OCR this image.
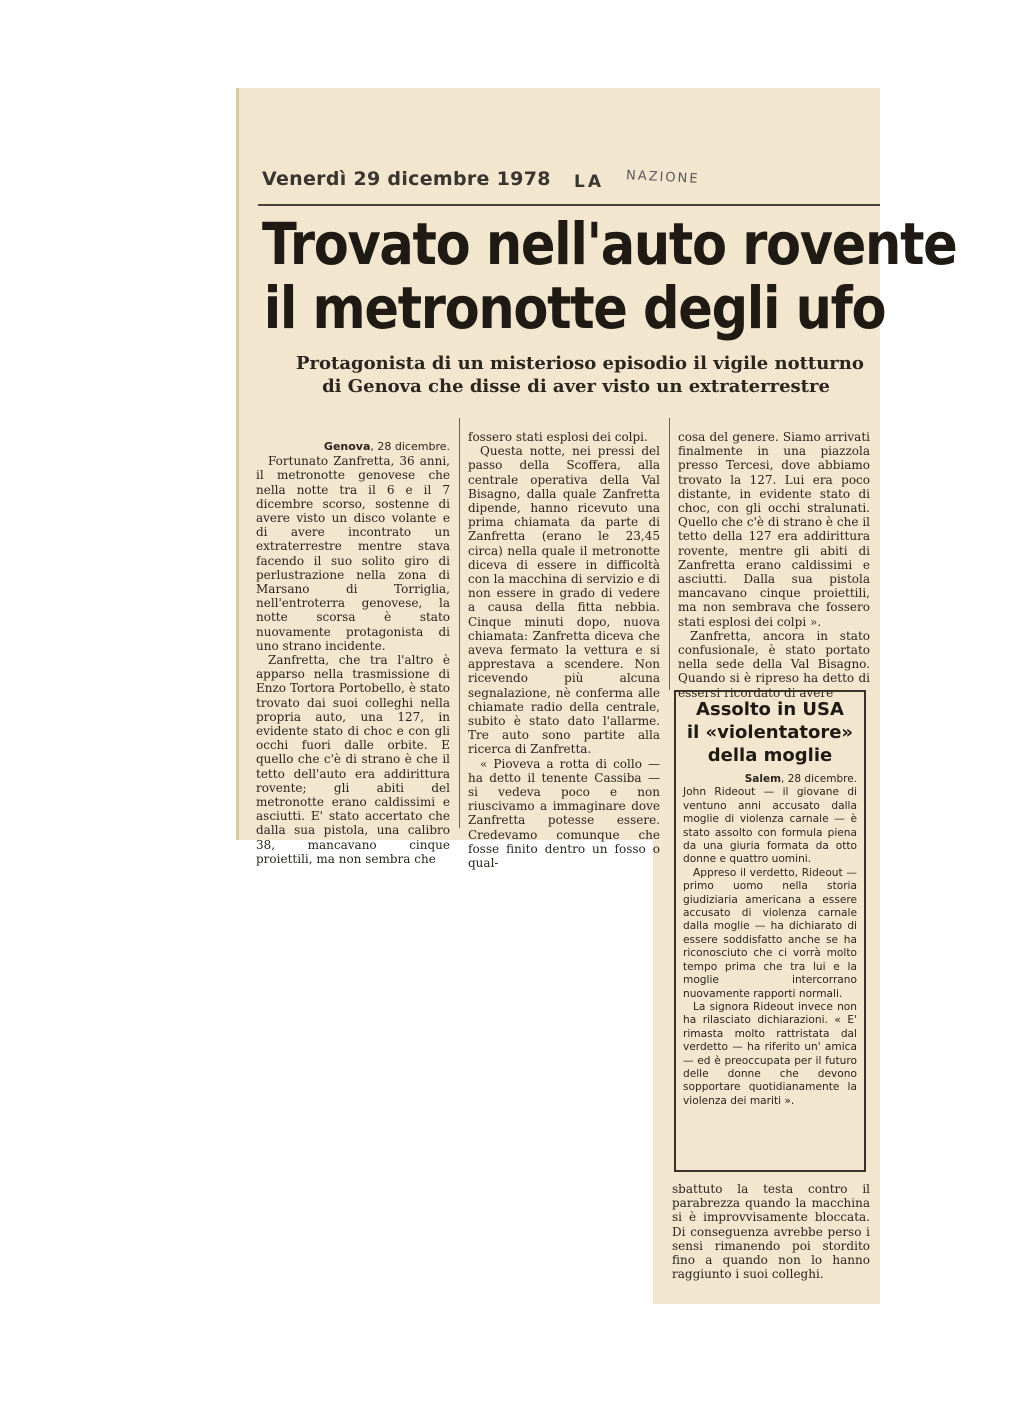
Venerdì 29 dicembre 1978 LA NAZIONE
Trovato nell'auto rovente
il metronotte degli ufo
Protagonista di un misterioso episodio il vigile notturno
di Genova che disse di aver visto un extraterrestre

Genova, 28 dicembre.

Fortunato Zanfretta, 36 anni, il metronotte genovese che nella notte tra il 6 e il 7 dicembre scorso, sostenne di avere visto un disco volante e di avere incontrato un extraterrestre mentre stava facendo il suo solito giro di perlustrazione nella zona di Marsano di Torriglia, nell'entroterra genovese, la notte scorsa è stato nuovamente protagonista di uno strano incidente.

Zanfretta, che tra l'altro è apparso nella trasmissione di Enzo Tortora Portobello, è stato trovato dai suoi colleghi nella propria auto, una 127, in evidente stato di choc e con gli occhi fuori dalle orbite. E quello che c'è di strano è che il tetto dell'auto era addirittura rovente; gli abiti del metronotte erano caldissimi e asciutti. E' stato accertato che dalla sua pistola, una calibro 38, mancavano cinque proiettili, ma non sembra che

fossero stati esplosi dei colpi.

Questa notte, nei pressi del passo della Scoffera, alla centrale operativa della Val Bisagno, dalla quale Zanfretta dipende, hanno ricevuto una prima chiamata da parte di Zanfretta (erano le 23,45 circa) nella quale il metronotte diceva di essere in difficoltà con la macchina di servizio e di non essere in grado di vedere a causa della fitta nebbia. Cinque minuti dopo, nuova chiamata: Zanfretta diceva che aveva fermato la vettura e si apprestava a scendere. Non ricevendo più alcuna segnalazione, nè conferma alle chiamate radio della centrale, subito è stato dato l'allarme. Tre auto sono partite alla ricerca di Zanfretta.

« Pioveva a rotta di collo — ha detto il tenente Cassiba — si vedeva poco e non riuscivamo a immaginare dove Zanfretta potesse essere. Credevamo comunque che fosse finito dentro un fosso o qual-

cosa del genere. Siamo arrivati finalmente in una piazzola presso Tercesi, dove abbiamo trovato la 127. Lui era poco distante, in evidente stato di choc, con gli occhi stralunati. Quello che c'è di strano è che il tetto della 127 era addirittura rovente, mentre gli abiti di Zanfretta erano caldissimi e asciutti. Dalla sua pistola mancavano cinque proiettili, ma non sembrava che fossero stati esplosi dei colpi ».

Zanfretta, ancora in stato confusionale, è stato portato nella sede della Val Bisagno. Quando si è ripreso ha detto di essersi ricordato di avere

Assolto in USA
il «violentatore»
della moglie

Salem, 28 dicembre.

John Rideout — il giovane di ventuno anni accusato dalla moglie di violenza carnale — è stato assolto con formula piena da una giuria formata da otto donne e quattro uomini.

Appreso il verdetto, Rideout — primo uomo nella storia giudiziaria americana a essere accusato di violenza carnale dalla moglie — ha dichiarato di essere soddisfatto anche se ha riconosciuto che ci vorrà molto tempo prima che tra lui e la moglie intercorrano nuovamente rapporti normali.

La signora Rideout invece non ha rilasciato dichiarazioni. « E' rimasta molto rattristata dal verdetto — ha riferito un' amica — ed è preoccupata per il futuro delle donne che devono sopportare quotidianamente la violenza dei mariti ».

sbattuto la testa contro il parabrezza quando la macchina si è improvvisamente bloccata. Di conseguenza avrebbe perso i sensi rimanendo poi stordito fino a quando non lo hanno raggiunto i suoi colleghi.
